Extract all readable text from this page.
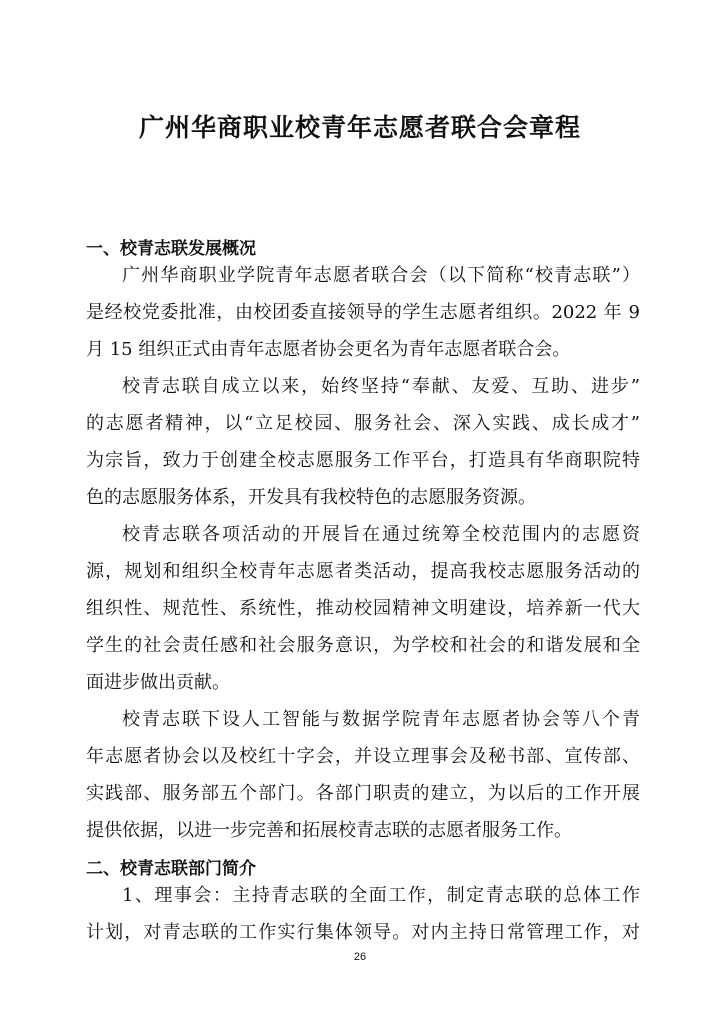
广州华商职业校青年志愿者联合会章程
一、校青志联发展概况
广州华商职业学院青年志愿者联合会（以下简称“校青志联”）
是经校党委批准，由校团委直接领导的学生志愿者组织。2022 年 9
月 15 组织正式由青年志愿者协会更名为青年志愿者联合会。
校青志联自成立以来，始终坚持“奉献、友爱、互助、进步”
的志愿者精神，以“立足校园、服务社会、深入实践、成长成才”
为宗旨，致力于创建全校志愿服务工作平台，打造具有华商职院特
色的志愿服务体系，开发具有我校特色的志愿服务资源。
校青志联各项活动的开展旨在通过统筹全校范围内的志愿资
源，规划和组织全校青年志愿者类活动，提高我校志愿服务活动的
组织性、规范性、系统性，推动校园精神文明建设，培养新一代大
学生的社会责任感和社会服务意识，为学校和社会的和谐发展和全
面进步做出贡献。
校青志联下设人工智能与数据学院青年志愿者协会等八个青
年志愿者协会以及校红十字会，并设立理事会及秘书部、宣传部、
实践部、服务部五个部门。各部门职责的建立，为以后的工作开展
提供依据，以进一步完善和拓展校青志联的志愿者服务工作。
二、校青志联部门简介
1、理事会：主持青志联的全面工作，制定青志联的总体工作
计划，对青志联的工作实行集体领导。对内主持日常管理工作，对
26
